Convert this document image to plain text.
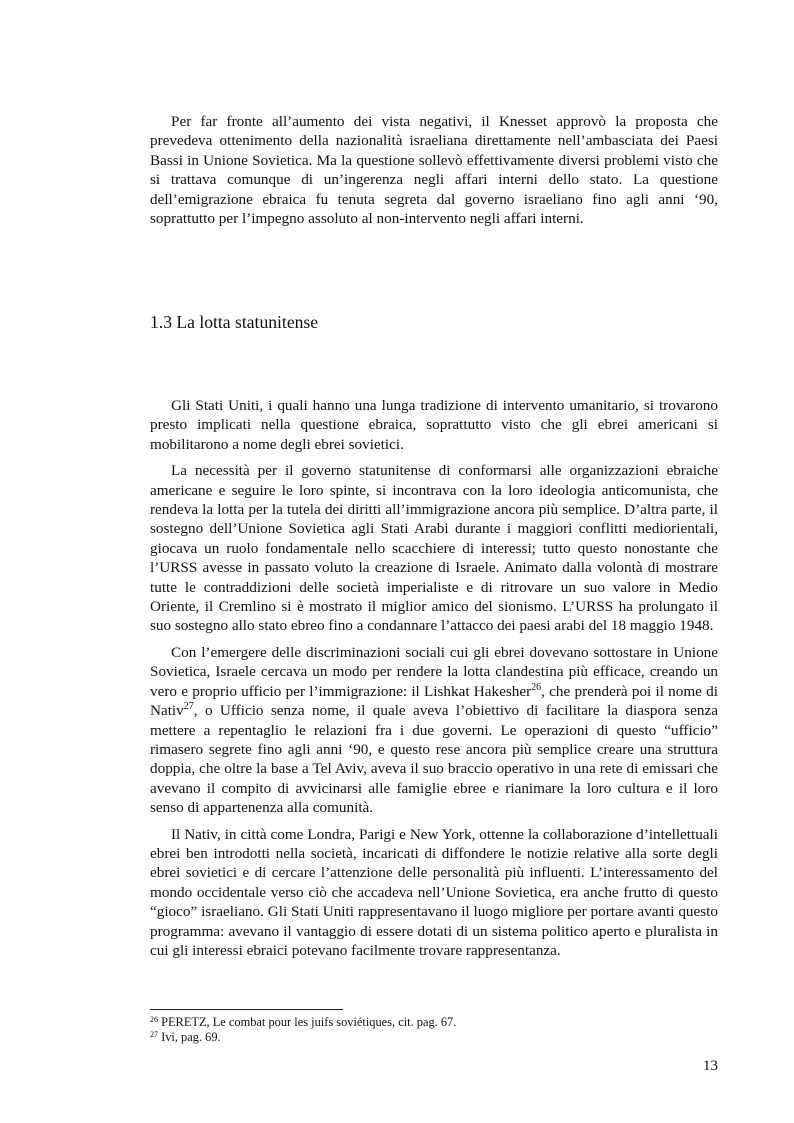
Per far fronte all’aumento dei vista negativi, il Knesset approvò la proposta che prevedeva ottenimento della nazionalità israeliana direttamente nell’ambasciata dei Paesi Bassi in Unione Sovietica. Ma la questione sollevò effettivamente diversi problemi visto che si trattava comunque di un’ingerenza negli affari interni dello stato. La questione dell’emigrazione ebraica fu tenuta segreta dal governo israeliano fino agli anni ‘90, soprattutto per l’impegno assoluto al non-intervento negli affari interni.

1.3 La lotta statunitense

Gli Stati Uniti, i quali hanno una lunga tradizione di intervento umanitario, si trovarono presto implicati nella questione ebraica, soprattutto visto che gli ebrei americani si mobilitarono a nome degli ebrei sovietici.

La necessità per il governo statunitense di conformarsi alle organizzazioni ebraiche americane e seguire le loro spinte, si incontrava con la loro ideologia anticomunista, che rendeva la lotta per la tutela dei diritti all’immigrazione ancora più semplice. D’altra parte, il sostegno dell’Unione Sovietica agli Stati Arabi durante i maggiori conflitti mediorientali, giocava un ruolo fondamentale nello scacchiere di interessi; tutto questo nonostante che l’URSS avesse in passato voluto la creazione di Israele. Animato dalla volontà di mostrare tutte le contraddizioni delle società imperialiste e di ritrovare un suo valore in Medio Oriente, il Cremlino si è mostrato il miglior amico del sionismo. L’URSS ha prolungato il suo sostegno allo stato ebreo fino a condannare l’attacco dei paesi arabi del 18 maggio 1948.

Con l’emergere delle discriminazioni sociali cui gli ebrei dovevano sottostare in Unione Sovietica, Israele cercava un modo per rendere la lotta clandestina più efficace, creando un vero e proprio ufficio per l’immigrazione: il Lishkat Hakesher$^{26}$, che prenderà poi il nome di Nativ$^{27}$, o Ufficio senza nome, il quale aveva l’obiettivo di facilitare la diaspora senza mettere a repentaglio le relazioni fra i due governi. Le operazioni di questo “ufficio” rimasero segrete fino agli anni ‘90, e questo rese ancora più semplice creare una struttura doppia, che oltre la base a Tel Aviv, aveva il suo braccio operativo in una rete di emissari che avevano il compito di avvicinarsi alle famiglie ebree e rianimare la loro cultura e il loro senso di appartenenza alla comunità.

Il Nativ, in città come Londra, Parigi e New York, ottenne la collaborazione d’intellettuali ebrei ben introdotti nella società, incaricati di diffondere le notizie relative alla sorte degli ebrei sovietici e di cercare l’attenzione delle personalità più influenti. L’interessamento del mondo occidentale verso ciò che accadeva nell’Unione Sovietica, era anche frutto di questo “gioco” israeliano. Gli Stati Uniti rappresentavano il luogo migliore per portare avanti questo programma: avevano il vantaggio di essere dotati di un sistema politico aperto e pluralista in cui gli interessi ebraici potevano facilmente trovare rappresentanza.

$^{26}$ PERETZ, Le combat pour les juifs soviétiques, cit. pag. 67.
$^{27}$ Ivi, pag. 69.
13
